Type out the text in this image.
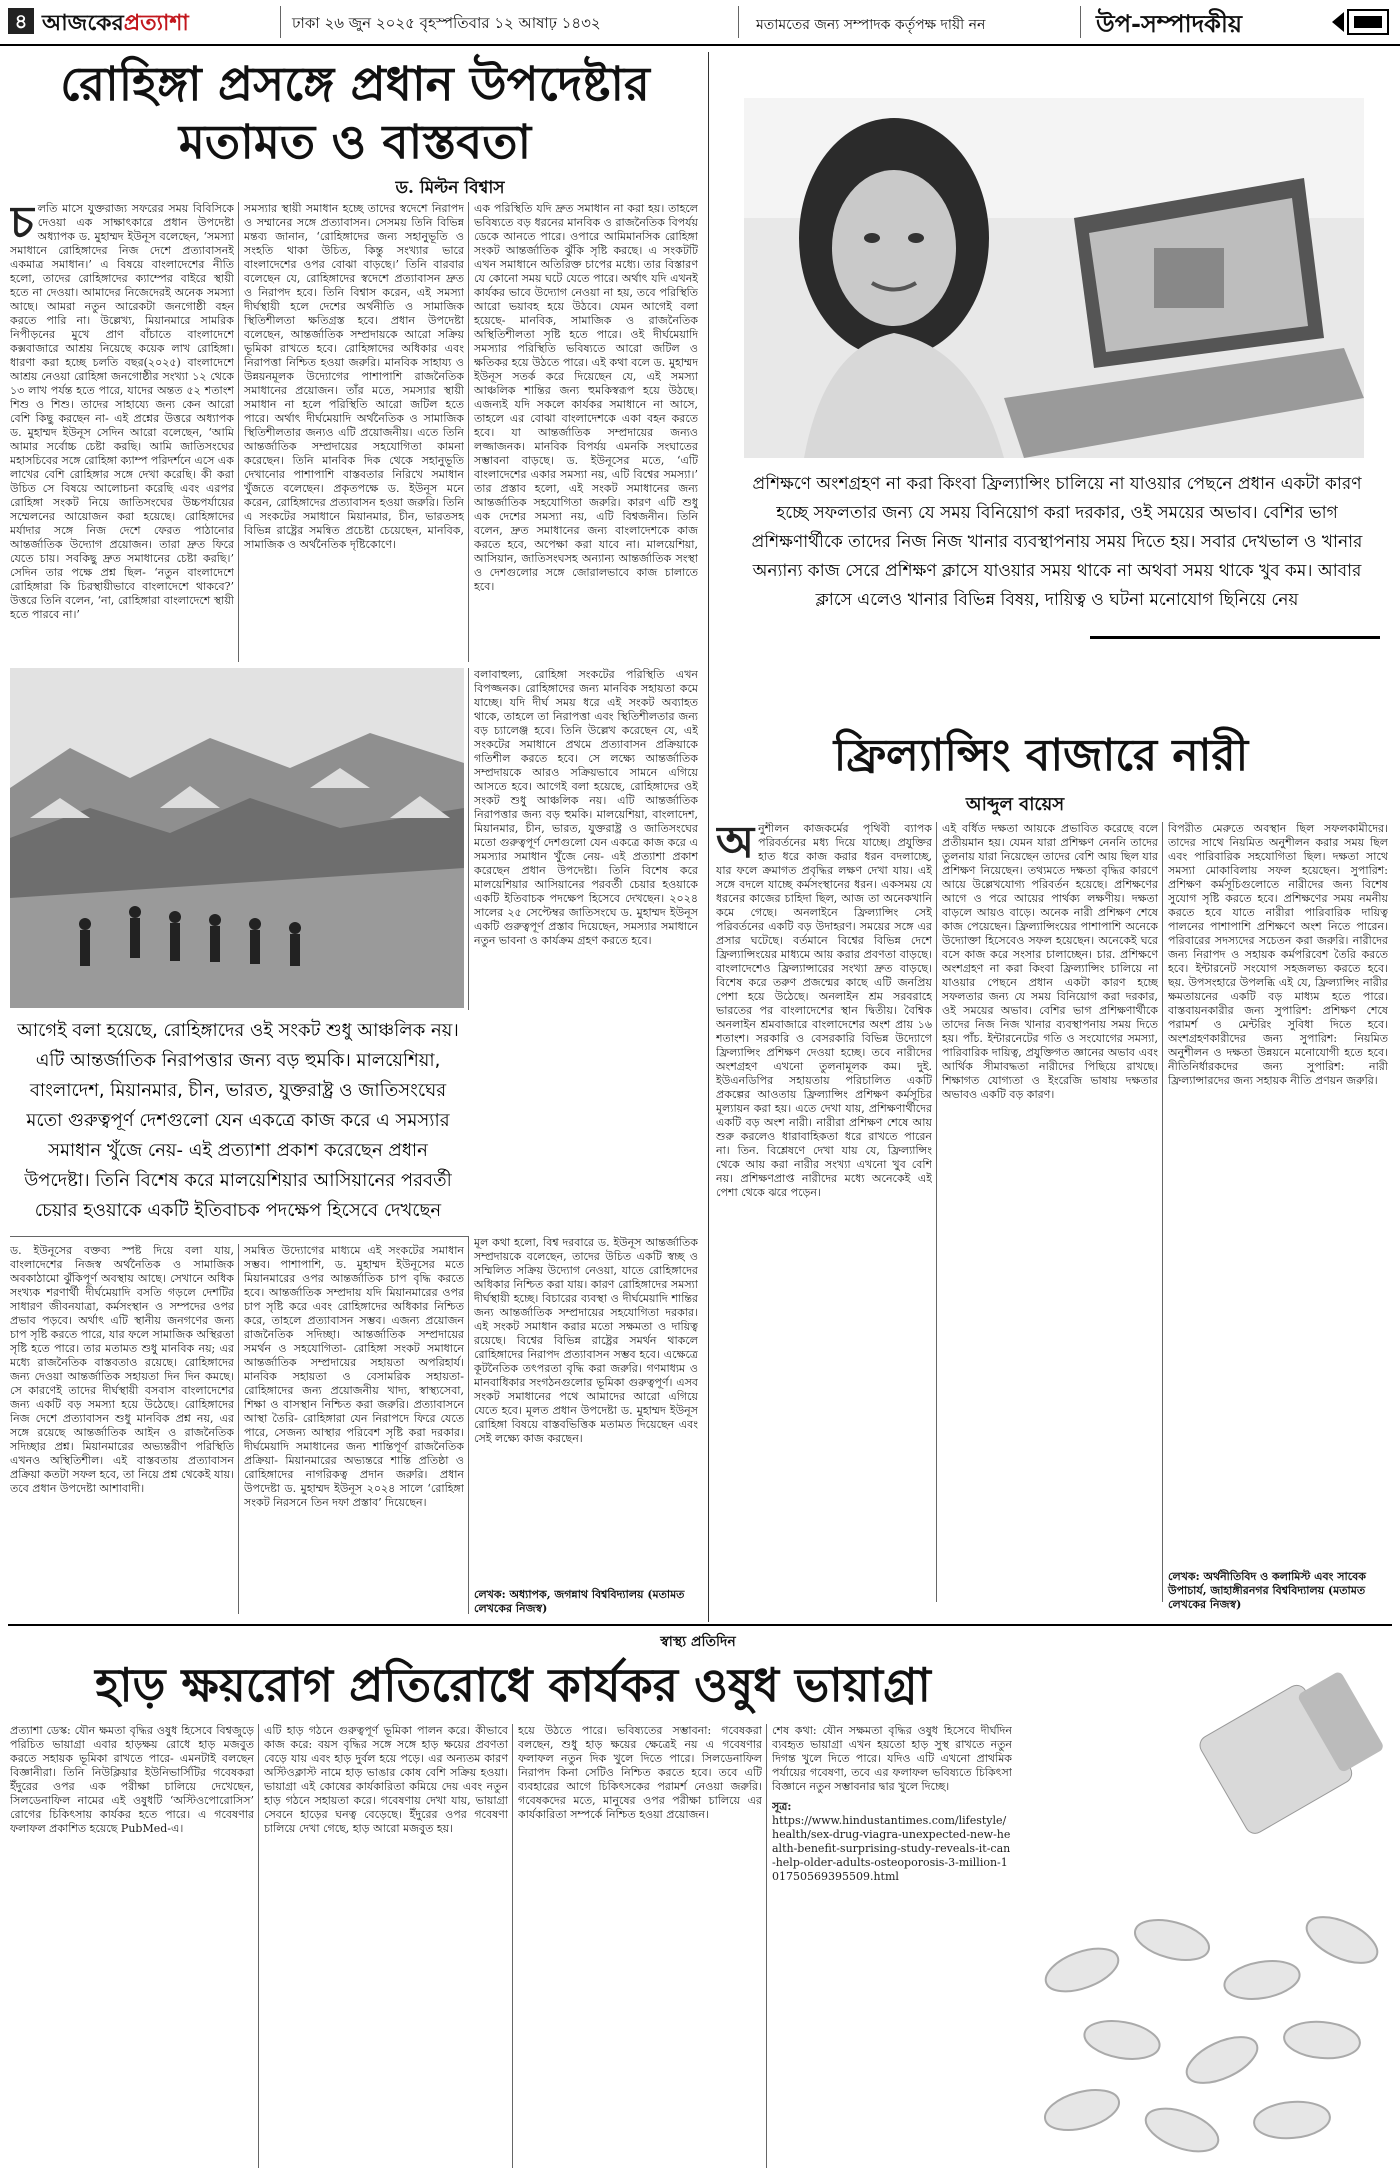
৪ আজকেরপ্রত্যাশা	ঢাকা ২৬ জুন ২০২৫ বৃহস্পতিবার ১২ আষাঢ় ১৪৩২	মতামতের জন্য সম্পাদক কর্তৃপক্ষ দায়ী নন	উপ-সম্পাদকীয়
রোহিঙ্গা প্রসঙ্গে প্রধান উপদেষ্টার
মতামত ও বাস্তবতা
ড. মিল্টন বিশ্বাস
চলতি মাসে যুক্তরাজ্য সফরের সময় বিবিসিকে দেওয়া এক সাক্ষাৎকারে প্রধান উপদেষ্টা অধ্যাপক ড. মুহাম্মদ ইউনূস বলেছেন, ‘সমস্যা সমাধানে রোহিঙ্গাদের নিজ দেশে প্রত্যাবাসনই একমাত্র সমাধান।’ এ বিষয়ে বাংলাদেশের নীতি হলো, তাদের রোহিঙ্গাদের ক্যাম্পের বাইরে স্থায়ী হতে না দেওয়া। আমাদের নিজেদেরই অনেক সমস্যা আছে। আমরা নতুন আরেকটা জনগোষ্ঠী বহন করতে পারি না। উল্লেখ্য, মিয়ানমারে সামরিক নিপীড়নের মুখে প্রাণ বাঁচাতে বাংলাদেশে কক্সবাজারে আশ্রয় নিয়েছে কয়েক লাখ রোহিঙ্গা। ধারণা করা হচ্ছে চলতি বছর(২০২৫) বাংলাদেশে আশ্রয় নেওয়া রোহিঙ্গা জনগোষ্ঠীর সংখ্যা ১২ থেকে ১৩ লাখ পর্যন্ত হতে পারে, যাদের অন্তত ৫২ শতাংশ শিশু ও শিশু। তাদের সাহায্যে জন্য কেন আরো বেশি কিছু করছেন না- এই প্রশ্নের উত্তরে অধ্যাপক ড. মুহাম্মদ ইউনূস সেদিন আরো বলেছেন, ‘আমি আমার সর্বোচ্চ চেষ্টা করছি। আমি জাতিসংঘের মহাসচিবের সঙ্গে রোহিঙ্গা ক্যাম্প পরিদর্শনে এসে এক লাখের বেশি রোহিঙ্গার সঙ্গে দেখা করেছি। কী করা উচিত সে বিষয়ে আলোচনা করেছি এবং এরপর রোহিঙ্গা সংকট নিয়ে জাতিসংঘের উচ্চপর্যায়ের সম্মেলনের আয়োজন করা হয়েছে। রোহিঙ্গাদের মর্যাদার সঙ্গে নিজ দেশে ফেরত পাঠানোর আন্তর্জাতিক উদ্যোগ প্রয়োজন। তারা দ্রুত ফিরে যেতে চায়। সবকিছু দ্রুত সমাধানের চেষ্টা করছি।’ সেদিন তার পক্ষে প্রশ্ন ছিল- ‘নতুন বাংলাদেশে রোহিঙ্গারা কি চিরস্থায়ীভাবে বাংলাদেশে থাকবে?’ উত্তরে তিনি বলেন, ‘না, রোহিঙ্গারা বাংলাদেশে স্থায়ী হতে পারবে না।’
সমস্যার স্থায়ী সমাধান হচ্ছে তাদের স্বদেশে নিরাপদ ও সম্মানের সঙ্গে প্রত্যাবাসন। সেসময় তিনি বিভিন্ন মন্তব্য জানান, ‘রোহিঙ্গাদের জন্য সহানুভূতি ও সংহতি থাকা উচিত, কিন্তু সংখ্যার ভারে বাংলাদেশের ওপর বোঝা বাড়ছে।’ তিনি বারবার বলেছেন যে, রোহিঙ্গাদের স্বদেশে প্রত্যাবাসন দ্রুত ও নিরাপদ হবে। তিনি বিশ্বাস করেন, এই সমস্যা দীর্ঘস্থায়ী হলে দেশের অর্থনীতি ও সামাজিক স্থিতিশীলতা ক্ষতিগ্রস্ত হবে। প্রধান উপদেষ্টা বলেছেন, আন্তর্জাতিক সম্প্রদায়কে আরো সক্রিয় ভূমিকা রাখতে হবে। রোহিঙ্গাদের অধিকার এবং নিরাপত্তা নিশ্চিত হওয়া জরুরি। মানবিক সাহায্য ও উন্নয়নমূলক উদ্যোগের পাশাপাশি রাজনৈতিক সমাধানের প্রয়োজন। তাঁর মতে, সমস্যার স্থায়ী সমাধান না হলে পরিস্থিতি আরো জটিল হতে পারে। অর্থাৎ দীর্ঘমেয়াদি অর্থনৈতিক ও সামাজিক স্থিতিশীলতার জন্যও এটি প্রয়োজনীয়। এতে তিনি আন্তর্জাতিক সম্প্রদায়ের সহযোগিতা কামনা করেছেন। তিনি মানবিক দিক থেকে সহানুভূতি দেখানোর পাশাপাশি বাস্তবতার নিরিখে সমাধান খুঁজতে বলেছেন। প্রকৃতপক্ষে ড. ইউনূস মনে করেন, রোহিঙ্গাদের প্রত্যাবাসন হওয়া জরুরি। তিনি এ সংকটের সমাধানে মিয়ানমার, চীন, ভারতসহ বিভিন্ন রাষ্ট্রের সমন্বিত প্রচেষ্টা চেয়েছেন, মানবিক, সামাজিক ও অর্থনৈতিক দৃষ্টিকোণে।
এক পরিস্থিতি যদি দ্রুত সমাধান না করা হয়। তাহলে ভবিষ্যতে বড় ধরনের মানবিক ও রাজনৈতিক বিপর্যয় ডেকে আনতে পারে। ওপারে আমিমানসিক রোহিঙ্গা সংকট আন্তর্জাতিক ঝুঁকি সৃষ্টি করছে। এ সংকটটি এখন সমাধানে অতিরিক্ত চাপের মধ্যে। তার বিস্তারণ যে কোনো সময় ঘটে যেতে পারে। অর্থাৎ যদি এখনই কার্যকর ভাবে উদ্যোগ নেওয়া না হয়, তবে পরিস্থিতি আরো ভয়াবহ হয়ে উঠবে। যেমন আগেই বলা হয়েছে- মানবিক, সামাজিক ও রাজনৈতিক অস্থিতিশীলতা সৃষ্টি হতে পারে। ওই দীর্ঘমেয়াদি সমস্যার পরিস্থিতি ভবিষ্যতে আরো জটিল ও ক্ষতিকর হয়ে উঠতে পারে। এই কথা বলে ড. মুহাম্মদ ইউনূস সতর্ক করে দিয়েছেন যে, এই সমস্যা আঞ্চলিক শান্তির জন্য হুমকিস্বরূপ হয়ে উঠছে। এজন্যই যদি সকলে কার্যকর সমাধানে না আসে, তাহলে এর বোঝা বাংলাদেশকে একা বহন করতে হবে। যা আন্তর্জাতিক সম্প্রদায়ের জন্যও লজ্জাজনক। মানবিক বিপর্যয় এমনকি সংঘাতের সম্ভাবনা বাড়ছে। ড. ইউনূসের মতে, ‘এটি বাংলাদেশের একার সমস্যা নয়, এটি বিশ্বের সমস্যা।’ তার প্রস্তাব হলো, এই সংকট সমাধানের জন্য আন্তর্জাতিক সহযোগিতা জরুরি। কারণ এটি শুধু এক দেশের সমস্যা নয়, এটি বিশ্বজনীন। তিনি বলেন, দ্রুত সমাধানের জন্য বাংলাদেশকে কাজ করতে হবে, অপেক্ষা করা যাবে না। মালয়েশিয়া, আসিয়ান, জাতিসংঘসহ অন্যান্য আন্তর্জাতিক সংস্থা ও দেশগুলোর সঙ্গে জোরালভাবে কাজ চালাতে হবে।
বলাবাহুল্য, রোহিঙ্গা সংকটের পরিস্থিতি এখন বিপজ্জনক। রোহিঙ্গাদের জন্য মানবিক সহায়তা কমে যাচ্ছে। যদি দীর্ঘ সময় ধরে এই সংকট অব্যাহত থাকে, তাহলে তা নিরাপত্তা এবং স্থিতিশীলতার জন্য বড় চ্যালেঞ্জ হবে। তিনি উল্লেখ করেছেন যে, এই সংকটের সমাধানে প্রথমে প্রত্যাবাসন প্রক্রিয়াকে গতিশীল করতে হবে। সে লক্ষ্যে আন্তর্জাতিক সম্প্রদায়কে আরও সক্রিয়ভাবে সামনে এগিয়ে আসতে হবে। আগেই বলা হয়েছে, রোহিঙ্গাদের ওই সংকট শুধু আঞ্চলিক নয়। এটি আন্তর্জাতিক নিরাপত্তার জন্য বড় হুমকি। মালয়েশিয়া, বাংলাদেশ, মিয়ানমার, চীন, ভারত, যুক্তরাষ্ট্র ও জাতিসংঘের মতো গুরুত্বপূর্ণ দেশগুলো যেন একত্রে কাজ করে এ সমস্যার সমাধান খুঁজে নেয়- এই প্রত্যাশা প্রকাশ করেছেন প্রধান উপদেষ্টা। তিনি বিশেষ করে মালয়েশিয়ার আসিয়ানের পরবর্তী চেয়ার হওয়াকে একটি ইতিবাচক পদক্ষেপ হিসেবে দেখছেন। ২০২৪ সালের ২৫ সেপ্টেম্বর জাতিসংঘে ড. মুহাম্মদ ইউনূস একটি গুরুত্বপূর্ণ প্রস্তাব দিয়েছেন, সমস্যার সমাধানে নতুন ভাবনা ও কার্যক্রম গ্রহণ করতে হবে।
আগেই বলা হয়েছে, রোহিঙ্গাদের ওই সংকট শুধু আঞ্চলিক নয়। এটি আন্তর্জাতিক নিরাপত্তার জন্য বড় হুমকি। মালয়েশিয়া, বাংলাদেশ, মিয়ানমার, চীন, ভারত, যুক্তরাষ্ট্র ও জাতিসংঘের মতো গুরুত্বপূর্ণ দেশগুলো যেন একত্রে কাজ করে এ সমস্যার সমাধান খুঁজে নেয়- এই প্রত্যাশা প্রকাশ করেছেন প্রধান উপদেষ্টা। তিনি বিশেষ করে মালয়েশিয়ার আসিয়ানের পরবর্তী চেয়ার হওয়াকে একটি ইতিবাচক পদক্ষেপ হিসেবে দেখছেন
ড. ইউনূসের বক্তব্য স্পষ্ট দিয়ে বলা যায়, বাংলাদেশের নিজস্ব অর্থনৈতিক ও সামাজিক অবকাঠামো ঝুঁকিপূর্ণ অবস্থায় আছে। সেখানে অধিক সংখ্যক শরণার্থী দীর্ঘমেয়াদি বসতি গড়লে দেশটির সাধারণ জীবনযাত্রা, কর্মসংস্থান ও সম্পদের ওপর প্রভাব পড়বে। অর্থাৎ এটি স্থানীয় জনগণের জন্য চাপ সৃষ্টি করতে পারে, যার ফলে সামাজিক অস্থিরতা সৃষ্টি হতে পারে। তার মতামত শুধু মানবিক নয়; এর মধ্যে রাজনৈতিক বাস্তবতাও রয়েছে। রোহিঙ্গাদের জন্য দেওয়া আন্তর্জাতিক সহায়তা দিন দিন কমছে। সে কারণেই তাদের দীর্ঘস্থায়ী বসবাস বাংলাদেশের জন্য একটি বড় সমস্যা হয়ে উঠেছে। রোহিঙ্গাদের নিজ দেশে প্রত্যাবাসন শুধু মানবিক প্রশ্ন নয়, এর সঙ্গে রয়েছে আন্তর্জাতিক আইন ও রাজনৈতিক সদিচ্ছার প্রশ্ন। মিয়ানমারের অভ্যন্তরীণ পরিস্থিতি এখনও অস্থিতিশীল। এই বাস্তবতায় প্রত্যাবাসন প্রক্রিয়া কতটা সফল হবে, তা নিয়ে প্রশ্ন থেকেই যায়। তবে প্রধান উপদেষ্টা আশাবাদী।
সমন্বিত উদ্যোগের মাধ্যমে এই সংকটের সমাধান সম্ভব। পাশাপাশি, ড. মুহাম্মদ ইউনূসের মতে মিয়ানমারের ওপর আন্তর্জাতিক চাপ বৃদ্ধি করতে হবে। আন্তর্জাতিক সম্প্রদায় যদি মিয়ানমারের ওপর চাপ সৃষ্টি করে এবং রোহিঙ্গাদের অধিকার নিশ্চিত করে, তাহলে প্রত্যাবাসন সম্ভব। এজন্য প্রয়োজন রাজনৈতিক সদিচ্ছা। আন্তর্জাতিক সম্প্রদায়ের সমর্থন ও সহযোগিতা- রোহিঙ্গা সংকট সমাধানে আন্তর্জাতিক সম্প্রদায়ের সহায়তা অপরিহার্য। মানবিক সহায়তা ও বেসামরিক সহায়তা- রোহিঙ্গাদের জন্য প্রয়োজনীয় খাদ্য, স্বাস্থ্যসেবা, শিক্ষা ও বাসস্থান নিশ্চিত করা জরুরি। প্রত্যাবাসনে আস্থা তৈরি- রোহিঙ্গারা যেন নিরাপদে ফিরে যেতে পারে, সেজন্য আস্থার পরিবেশ সৃষ্টি করা দরকার। দীর্ঘমেয়াদি সমাধানের জন্য শান্তিপূর্ণ রাজনৈতিক প্রক্রিয়া- মিয়ানমারের অভ্যন্তরে শান্তি প্রতিষ্ঠা ও রোহিঙ্গাদের নাগরিকত্ব প্রদান জরুরি। প্রধান উপদেষ্টা ড. মুহাম্মদ ইউনূস ২০২৪ সালে ‘রোহিঙ্গা সংকট নিরসনে তিন দফা প্রস্তাব’ দিয়েছেন।
মূল কথা হলো, বিশ্ব দরবারে ড. ইউনূস আন্তর্জাতিক সম্প্রদায়কে বলেছেন, তাদের উচিত একটি স্বচ্ছ ও সম্মিলিত সক্রিয় উদ্যোগ নেওয়া, যাতে রোহিঙ্গাদের অধিকার নিশ্চিত করা যায়। কারণ রোহিঙ্গাদের সমস্যা দীর্ঘস্থায়ী হচ্ছে। বিচারের ব্যবস্থা ও দীর্ঘমেয়াদি শান্তির জন্য আন্তর্জাতিক সম্প্রদায়ের সহযোগিতা দরকার। এই সংকট সমাধান করার মতো সক্ষমতা ও দায়িত্ব রয়েছে। বিশ্বের বিভিন্ন রাষ্ট্রের সমর্থন থাকলে রোহিঙ্গাদের নিরাপদ প্রত্যাবাসন সম্ভব হবে। এক্ষেত্রে কূটনৈতিক তৎপরতা বৃদ্ধি করা জরুরি। গণমাধ্যম ও মানবাধিকার সংগঠনগুলোর ভূমিকা গুরুত্বপূর্ণ। এসব সংকট সমাধানের পথে আমাদের আরো এগিয়ে যেতে হবে। মূলত প্রধান উপদেষ্টা ড. মুহাম্মদ ইউনূস রোহিঙ্গা বিষয়ে বাস্তবভিত্তিক মতামত দিয়েছেন এবং সেই লক্ষ্যে কাজ করছেন।
লেখক: অধ্যাপক, জগন্নাথ বিশ্ববিদ্যালয় (মতামত লেখকের নিজস্ব)
প্রশিক্ষণে অংশগ্রহণ না করা কিংবা ফ্রিল্যান্সিং চালিয়ে না যাওয়ার পেছনে প্রধান একটা কারণ হচ্ছে সফলতার জন্য যে সময় বিনিয়োগ করা দরকার, ওই সময়ের অভাব। বেশির ভাগ প্রশিক্ষণার্থীকে তাদের নিজ নিজ খানার ব্যবস্থাপনায় সময় দিতে হয়। সবার দেখভাল ও খানার অন্যান্য কাজ সেরে প্রশিক্ষণ ক্লাসে যাওয়ার সময় থাকে না অথবা সময় থাকে খুব কম। আবার ক্লাসে এলেও খানার বিভিন্ন বিষয়, দায়িত্ব ও ঘটনা মনোযোগ ছিনিয়ে নেয়
ফ্রিল্যান্সিং বাজারে নারী
আব্দুল বায়েস
অনুশীলন কাজকর্মের পৃথিবী ব্যাপক পরিবর্তনের মধ্য দিয়ে যাচ্ছে। প্রযুক্তির হাত ধরে কাজ করার ধরন বদলাচ্ছে, যার ফলে ক্রমাগত প্রবৃদ্ধির লক্ষণ দেখা যায়। এই সঙ্গে বদলে যাচ্ছে কর্মসংস্থানের ধরন। একসময় যে ধরনের কাজের চাহিদা ছিল, আজ তা অনেকখানি কমে গেছে। অনলাইনে ফ্রিল্যান্সিং সেই পরিবর্তনের একটি বড় উদাহরণ। সময়ের সঙ্গে এর প্রসার ঘটেছে। বর্তমানে বিশ্বের বিভিন্ন দেশে ফ্রিল্যান্সিংয়ের মাধ্যমে আয় করার প্রবণতা বাড়ছে। বাংলাদেশেও ফ্রিল্যান্সারের সংখ্যা দ্রুত বাড়ছে। বিশেষ করে তরুণ প্রজন্মের কাছে এটি জনপ্রিয় পেশা হয়ে উঠেছে। অনলাইন শ্রম সরবরাহে ভারতের পর বাংলাদেশের স্থান দ্বিতীয়। বৈশ্বিক অনলাইন শ্রমবাজারে বাংলাদেশের অংশ প্রায় ১৬ শতাংশ। সরকারি ও বেসরকারি বিভিন্ন উদ্যোগে ফ্রিল্যান্সিং প্রশিক্ষণ দেওয়া হচ্ছে। তবে নারীদের অংশগ্রহণ এখনো তুলনামূলক কম। দুই. ইউএনডিপির সহায়তায় পরিচালিত একটি প্রকল্পের আওতায় ফ্রিল্যান্সিং প্রশিক্ষণ কর্মসূচির মূল্যায়ন করা হয়। এতে দেখা যায়, প্রশিক্ষণার্থীদের একটি বড় অংশ নারী। নারীরা প্রশিক্ষণ শেষে আয় শুরু করলেও ধারাবাহিকতা ধরে রাখতে পারেন না। তিন. বিশ্লেষণে দেখা যায় যে, ফ্রিল্যান্সিং থেকে আয় করা নারীর সংখ্যা এখনো খুব বেশি নয়। প্রশিক্ষণপ্রাপ্ত নারীদের মধ্যে অনেকেই এই পেশা থেকে ঝরে পড়েন।
এই বর্ধিত দক্ষতা আয়কে প্রভাবিত করেছে বলে প্রতীয়মান হয়। যেমন যারা প্রশিক্ষণ নেননি তাদের তুলনায় যারা নিয়েছেন তাদের বেশি আয় ছিল যার প্রশিক্ষণ নিয়েছেন। তথ্যমতে দক্ষতা বৃদ্ধির কারণে আয়ে উল্লেখযোগ্য পরিবর্তন হয়েছে। প্রশিক্ষণের আগে ও পরে আয়ের পার্থক্য লক্ষণীয়। দক্ষতা বাড়লে আয়ও বাড়ে। অনেক নারী প্রশিক্ষণ শেষে কাজ পেয়েছেন। ফ্রিল্যান্সিংয়ের পাশাপাশি অনেকে উদ্যোক্তা হিসেবেও সফল হয়েছেন। অনেকেই ঘরে বসে কাজ করে সংসার চালাচ্ছেন। চার. প্রশিক্ষণে অংশগ্রহণ না করা কিংবা ফ্রিল্যান্সিং চালিয়ে না যাওয়ার পেছনে প্রধান একটা কারণ হচ্ছে সফলতার জন্য যে সময় বিনিয়োগ করা দরকার, ওই সময়ের অভাব। বেশির ভাগ প্রশিক্ষণার্থীকে তাদের নিজ নিজ খানার ব্যবস্থাপনায় সময় দিতে হয়। পাঁচ. ইন্টারনেটের গতি ও সংযোগের সমস্যা, পারিবারিক দায়িত্ব, প্রযুক্তিগত জ্ঞানের অভাব এবং আর্থিক সীমাবদ্ধতা নারীদের পিছিয়ে রাখছে। শিক্ষাগত যোগ্যতা ও ইংরেজি ভাষায় দক্ষতার অভাবও একটি বড় কারণ।
বিপরীত মেরুতে অবস্থান ছিল সফলকামীদের। তাদের সাথে নিয়মিত অনুশীলন করার সময় ছিল এবং পারিবারিক সহযোগিতা ছিল। দক্ষতা সাথে সমস্যা মোকাবিলায় সফল হয়েছেন। সুপারিশ: প্রশিক্ষণ কর্মসূচিগুলোতে নারীদের জন্য বিশেষ সুযোগ সৃষ্টি করতে হবে। প্রশিক্ষণের সময় নমনীয় করতে হবে যাতে নারীরা পারিবারিক দায়িত্ব পালনের পাশাপাশি প্রশিক্ষণে অংশ নিতে পারেন। পরিবারের সদস্যদের সচেতন করা জরুরি। নারীদের জন্য নিরাপদ ও সহায়ক কর্মপরিবেশ তৈরি করতে হবে। ইন্টারনেট সংযোগ সহজলভ্য করতে হবে। ছয়. উপসংহারে উপলব্ধি এই যে, ফ্রিল্যান্সিং নারীর ক্ষমতায়নের একটি বড় মাধ্যম হতে পারে। বাস্তবায়নকারীর জন্য সুপারিশ: প্রশিক্ষণ শেষে পরামর্শ ও মেন্টরিং সুবিধা দিতে হবে। অংশগ্রহণকারীদের জন্য সুপারিশ: নিয়মিত অনুশীলন ও দক্ষতা উন্নয়নে মনোযোগী হতে হবে। নীতিনির্ধারকদের জন্য সুপারিশ: নারী ফ্রিল্যান্সারদের জন্য সহায়ক নীতি প্রণয়ন জরুরি।
লেখক: অর্থনীতিবিদ ও কলামিস্ট এবং সাবেক উপাচার্য, জাহাঙ্গীরনগর বিশ্ববিদ্যালয় (মতামত লেখকের নিজস্ব)
স্বাস্থ্য প্রতিদিন
হাড় ক্ষয়রোগ প্রতিরোধে কার্যকর ওষুধ ভায়াগ্রা
প্রত্যাশা ডেস্ক: যৌন ক্ষমতা বৃদ্ধির ওষুধ হিসেবে বিশ্বজুড়ে পরিচিত ভায়াগ্রা এবার হাড়ক্ষয় রোধে হাড় মজবুত করতে সহায়ক ভূমিকা রাখতে পারে- এমনটাই বলছেন বিজ্ঞানীরা। তিনি নিউক্লিয়ার ইউনিভার্সিটির গবেষকরা ইঁদুরের ওপর এক পরীক্ষা চালিয়ে দেখেছেন, সিলডেনাফিল নামের এই ওষুধটি ‘অস্টিওপোরোসিস’ রোগের চিকিৎসায় কার্যকর হতে পারে। এ গবেষণার ফলাফল প্রকাশিত হয়েছে PubMed-এ।
এটি হাড় গঠনে গুরুত্বপূর্ণ ভূমিকা পালন করে। কীভাবে কাজ করে: বয়স বৃদ্ধির সঙ্গে সঙ্গে হাড় ক্ষয়ের প্রবণতা বেড়ে যায় এবং হাড় দুর্বল হয়ে পড়ে। এর অন্যতম কারণ অস্টিওক্লাস্ট নামে হাড় ভাঙার কোষ বেশি সক্রিয় হওয়া। ভায়াগ্রা এই কোষের কার্যকারিতা কমিয়ে দেয় এবং নতুন হাড় গঠনে সহায়তা করে। গবেষণায় দেখা যায়, ভায়াগ্রা সেবনে হাড়ের ঘনত্ব বেড়েছে। ইঁদুরের ওপর গবেষণা চালিয়ে দেখা গেছে, হাড় আরো মজবুত হয়।
হয়ে উঠতে পারে। ভবিষ্যতের সম্ভাবনা: গবেষকরা বলছেন, শুধু হাড় ক্ষয়ের ক্ষেত্রেই নয় এ গবেষণার ফলাফল নতুন দিক খুলে দিতে পারে। সিলডেনাফিল নিরাপদ কিনা সেটিও নিশ্চিত করতে হবে। তবে এটি ব্যবহারের আগে চিকিৎসকের পরামর্শ নেওয়া জরুরি। গবেষকদের মতে, মানুষের ওপর পরীক্ষা চালিয়ে এর কার্যকারিতা সম্পর্কে নিশ্চিত হওয়া প্রয়োজন।
শেষ কথা: যৌন সক্ষমতা বৃদ্ধির ওষুধ হিসেবে দীর্ঘদিন ব্যবহৃত ভায়াগ্রা এখন হয়তো হাড় সুস্থ রাখতে নতুন দিগন্ত খুলে দিতে পারে। যদিও এটি এখনো প্রাথমিক পর্যায়ের গবেষণা, তবে এর ফলাফল ভবিষ্যতে চিকিৎসা বিজ্ঞানে নতুন সম্ভাবনার দ্বার খুলে দিচ্ছে।
সূত্র:
https://www.hindustantimes.com/lifestyle/health/sex-drug-viagra-unexpected-new-health-benefit-surprising-study-reveals-it-can-help-older-adults-osteoporosis-3-million-101750569395509.html
